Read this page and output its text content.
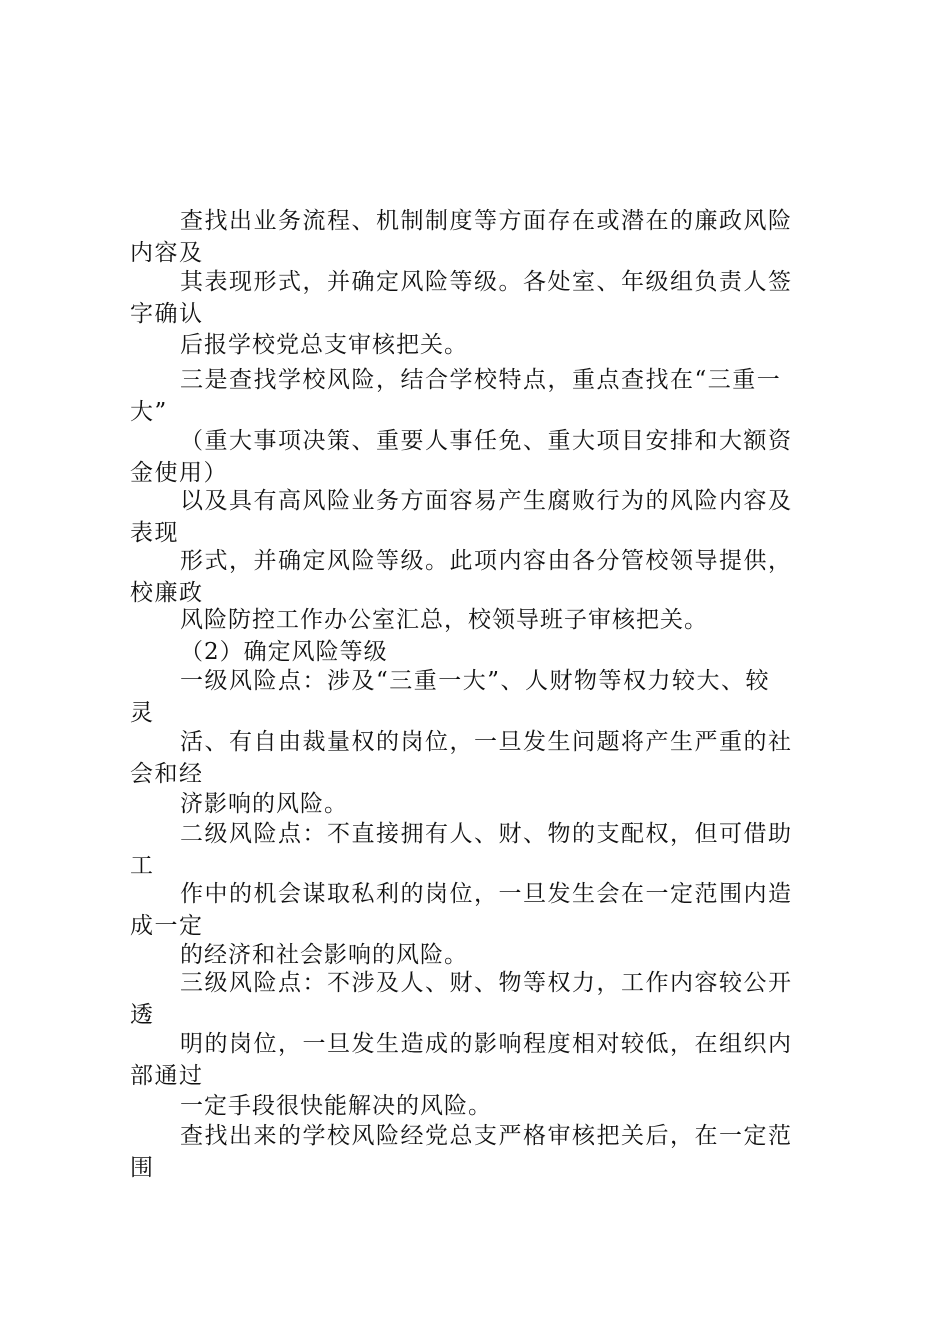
查找出业务流程、机制制度等方面存在或潜在的廉政风险
内容及

其表现形式，并确定风险等级。各处室、年级组负责人签
字确认

后报学校党总支审核把关。

三是查找学校风险，结合学校特点，重点查找在“三重一
大”

（重大事项决策、重要人事任免、重大项目安排和大额资
金使用）

以及具有高风险业务方面容易产生腐败行为的风险内容及
表现

形式，并确定风险等级。此项内容由各分管校领导提供，
校廉政

风险防控工作办公室汇总，校领导班子审核把关。

（2）确定风险等级

一级风险点：涉及“三重一大”、人财物等权力较大、较
灵

活、有自由裁量权的岗位，一旦发生问题将产生严重的社
会和经

济影响的风险。

二级风险点：不直接拥有人、财、物的支配权，但可借助
工

作中的机会谋取私利的岗位，一旦发生会在一定范围内造
成一定

的经济和社会影响的风险。

三级风险点：不涉及人、财、物等权力，工作内容较公开
透

明的岗位，一旦发生造成的影响程度相对较低，在组织内
部通过

一定手段很快能解决的风险。

查找出来的学校风险经党总支严格审核把关后，在一定范
围
